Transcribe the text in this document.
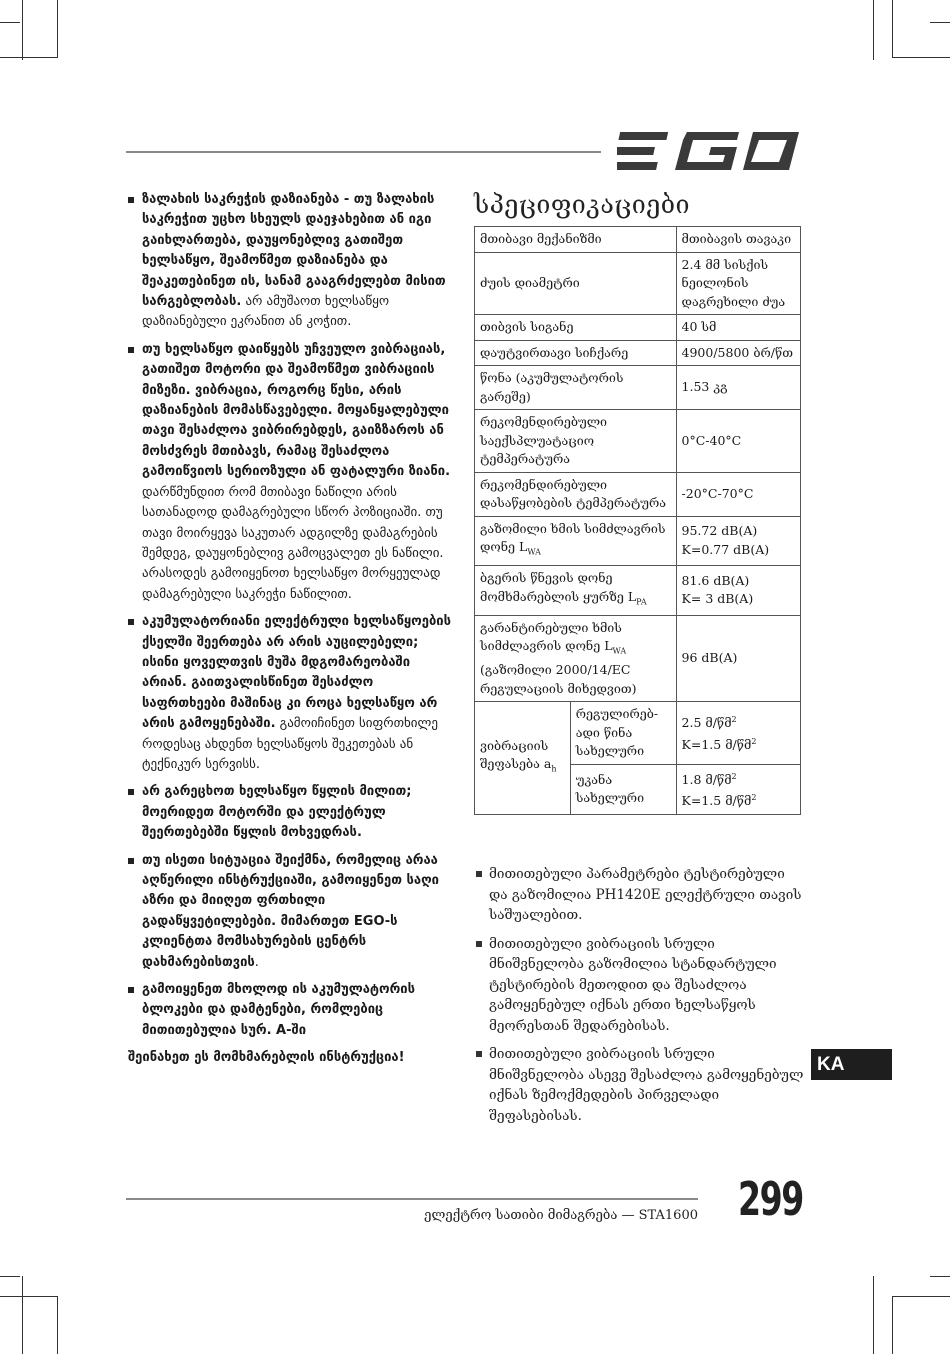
ზალახის საკრეჭის დაზიანება - თუ ზალახის საკრეჭით უცხო სხეულს დაეჯახებით ან იგი გაიხლართება, დაუყონებლივ გათიშეთ ხელსაწყო, შეამოწმეთ დაზიანება და შეაკეთებინეთ ის, სანამ გააგრძელებთ მისით სარგებლობას. არ ამუშაოთ ხელსაწყო დაზიანებული ეკრანით ან კოჭით.
თუ ხელსაწყო დაიწყებს უჩვეულო ვიბრაციას, გათიშეთ მოტორი და შეამოწმეთ ვიბრაციის მიზეზი. ვიბრაცია, როგორც წესი, არის დაზიანების მომასწავებელი. მოყანყალებული თავი შესაძლოა ვიბრირებდეს, გაიზზაროს ან მოსძვრეს მთიბავს, რამაც შესაძლოა გამოიწვიოს სერიოზული ან ფატალური ზიანი. დარწმუნდით რომ მთიბავი ნაწილი არის სათანადოდ დამაგრებული სწორ პოზიციაში. თუ თავი მოირყევა საკუთარ ადგილზე დამაგრების შემდეგ, დაუყონებლივ გამოცვალეთ ეს ნაწილი. არასოდეს გამოიყენოთ ხელსაწყო მორყეულად დამაგრებული საკრეჭი ნაწილით.
აკუმულატორიანი ელექტრული ხელსაწყოების ქსელში შეერთება არ არის აუცილებელი; ისინი ყოველთვის მუშა მდგომარეობაში არიან. გაითვალისწინეთ შესაძლო საფრთხეები მაშინაც კი როცა ხელსაწყო არ არის გამოყენებაში. გამოიჩინეთ სიფრთხილე როდესაც ახდენთ ხელსაწყოს შეკეთებას ან ტექნიკურ სერვისს.
არ გარეცხოთ ხელსაწყო წყლის მილით; მოერიდეთ მოტორში და ელექტრულ შეერთებებში წყლის მოხვედრას.
თუ ისეთი სიტუაცია შეიქმნა, რომელიც არაა აღწერილი ინსტრუქციაში, გამოიყენეთ საღი აზრი და მიიღეთ ფრთხილი გადაწყვეტილებები. მიმართეთ EGO-ს კლიენტთა მომსახურების ცენტრს დახმარებისთვის.
გამოიყენეთ მხოლოდ ის აკუმულატორის ბლოკები და დამტენები, რომლებიც მითითებულია სურ. A-ში
შეინახეთ ეს მომხმარებლის ინსტრუქცია!
სპეციფიკაციები
მთიბავი მექანიზმი		მთიბავის თავაკი
ძუის დიამეტრი		2.4 მმ სისქის ნეილონის დაგრეხილი ძუა
თიბვის სიგანე		40 სმ
დაუტვირთავი სიჩქარე		4900/5800 ბრ/წთ
წონა (აკუმულატორის გარეშე)		1.53 კგ
რეკომენდირებული საექსპლუატაციო ტემპერატურა		0°C-40°C
რეკომენდირებული დასაწყობების ტემპერატურა		-20°C-70°C
გაზომილი ხმის სიმძლავრის დონე $L_{WA}$		95.72 dB(A)
K=0.77 dB(A)
ბგერის წნევის დონე მომხმარებლის ყურზე $L_{PA}$		81.6 dB(A)
K= 3 dB(A)
გარანტირებული ხმის სიმძლავრის დონე $L_{WA}$ (გაზომილი 2000/14/EC რეგულაციის მიხედვით)		96 dB(A)
ვიბრაციის შეფასება $a_h$	რეგულირებ-ადი წინა სახელური	2.5 მ/წმ$^2$
K=1.5 მ/წმ$^2$
	უკანა სახელური	1.8 მ/წმ$^2$
K=1.5 მ/წმ$^2$
მითითებული პარამეტრები ტესტირებული და გაზომილია PH1420E ელექტრული თავის საშუალებით.
მითითებული ვიბრაციის სრული მნიშვნელობა გაზომილია სტანდარტული ტესტირების მეთოდით და შესაძლოა გამოყენებულ იქნას ერთი ხელსაწყოს მეორესთან შედარებისას.
მითითებული ვიბრაციის სრული მნიშვნელობა ასევე შესაძლოა გამოყენებულ იქნას ზემოქმედების პირველადი შეფასებისას.
KA
ელექტრო სათიბი მიმაგრება — STA1600 299
